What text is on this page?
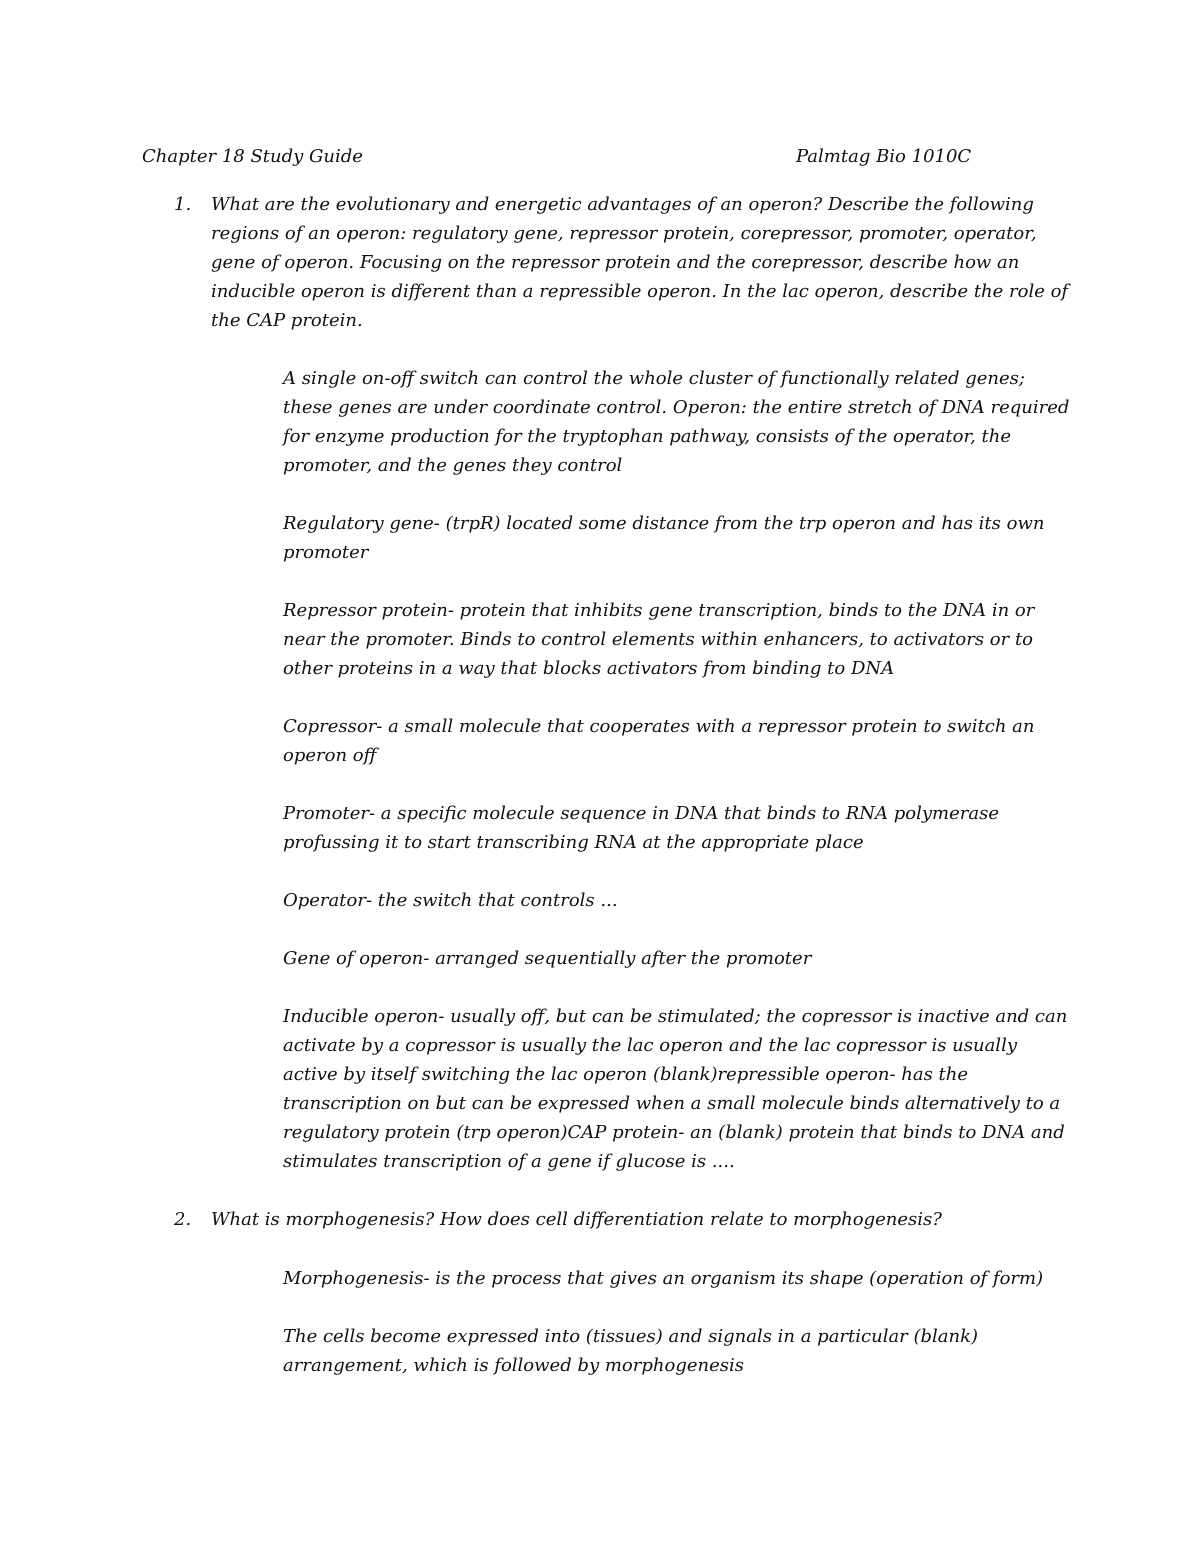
Chapter 18 Study Guide	Palmtag Bio 1010C
1. What are the evolutionary and energetic advantages of an operon? Describe the following regions of an operon: regulatory gene, repressor protein, corepressor, promoter, operator, gene of operon. Focusing on the repressor protein and the corepressor, describe how an inducible operon is different than a repressible operon. In the lac operon, describe the role of the CAP protein.
A single on-off switch can control the whole cluster of functionally related genes; these genes are under coordinate control. Operon: the entire stretch of DNA required for enzyme production for the tryptophan pathway, consists of the operator, the promoter, and the genes they control
Regulatory gene- (trpR) located some distance from the trp operon and has its own promoter
Repressor protein- protein that inhibits gene transcription, binds to the DNA in or near the promoter. Binds to control elements within enhancers, to activators or to other proteins in a way that blocks activators from binding to DNA
Copressor- a small molecule that cooperates with a repressor protein to switch an operon off
Promoter- a specific molecule sequence in DNA that binds to RNA polymerase profussing it to start transcribing RNA at the appropriate place
Operator- the switch that controls ...
Gene of operon- arranged sequentially after the promoter
Inducible operon- usually off, but can be stimulated; the copressor is inactive and can activate by a copressor is usually the lac operon and the lac copressor is usually active by itself switching the lac operon (blank)repressible operon- has the transcription on but can be expressed when a small molecule binds alternatively to a regulatory protein (trp operon)CAP protein- an (blank) protein that binds to DNA and stimulates transcription of a gene if glucose is ....
2. What is morphogenesis? How does cell differentiation relate to morphogenesis?
Morphogenesis- is the process that gives an organism its shape (operation of form)
The cells become expressed into (tissues) and signals in a particular (blank) arrangement, which is followed by morphogenesis
